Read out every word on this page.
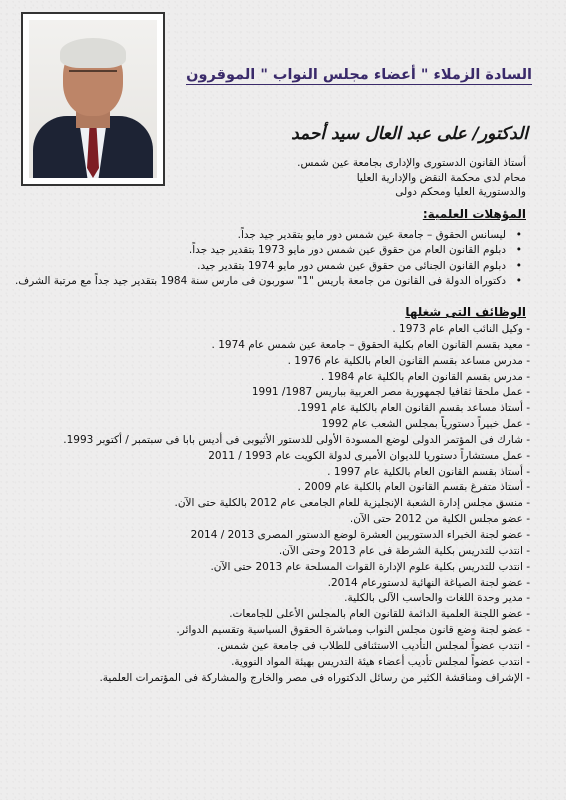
السادة الزملاء " أعضاء مجلس النواب " الموقرون
الدكتور/ على عبد العال سيد أحمد
أستاذ القانون الدستورى والإدارى بجامعة عين شمس.
محام لدى محكمة النقض والإدارية العليا
والدستورية العليا ومحكم دولى
المؤهلات العلمية:
• ليسانس الحقوق – جامعة عين شمس دور مايو بتقدير جيد جداً.
• دبلوم القانون العام من حقوق عين شمس دور مايو 1973 بتقدير جيد جداً.
• دبلوم القانون الجنائى من حقوق عين شمس دور مايو 1974 بتقدير جيد.
• دكتوراه الدولة فى القانون من جامعة باريس "1" سوربون فى مارس سنة 1984 بتقدير جيد جداً مع مرتبة الشرف.
الوظائف التى شغلها
- وكيل النائب العام عام 1973 .
- معيد بقسم القانون العام بكلية الحقوق – جامعة عين شمس عام 1974 .
- مدرس مساعد بقسم القانون العام بالكلية عام 1976 .
- مدرس بقسم القانون العام بالكلية عام 1984 .
- عمل ملحقا ثقافيا لجمهورية مصر العربية بباريس 1987/ 1991
- أستاذ مساعد بقسم القانون العام بالكلية عام 1991.
- عمل خبيراً دستورياً بمجلس الشعب عام 1992
- شارك فى المؤتمر الدولى لوضع المسودة الأولى للدستور الأثيوبى فى أديس بابا فى سبتمبر / أكتوبر 1993.
- عمل مستشاراً دستوريا للديوان الأميرى لدولة الكويت عام 1993 / 2011
- أستاذ بقسم القانون العام بالكلية عام 1997 .
- أستاذ متفرغ بقسم القانون العام بالكلية عام 2009 .
- منسق مجلس إدارة الشعبة الإنجليزية للعام الجامعى عام 2012 بالكلية حتى الآن.
- عضو مجلس الكلية من 2012 حتى الآن.
- عضو لجنة الخبراء الدستوريين العشرة لوضع الدستور المصرى 2013 / 2014
- انتدب للتدريس بكلية الشرطة فى عام 2013 وحتى الآن.
- انتدب للتدريس بكلية علوم الإدارة القوات المسلحة عام 2013 حتى الآن.
- عضو لجنة الصياغة النهائية لدستورعام 2014.
- مدير وحدة اللغات والحاسب الآلى بالكلية.
- عضو اللجنة العلمية الدائمة للقانون العام بالمجلس الأعلى للجامعات.
- عضو لجنة وضع قانون مجلس النواب ومباشرة الحقوق السياسية وتقسيم الدوائر.
- انتدب عضواً لمجلس التأديب الاستئنافى للطلاب فى جامعة عين شمس.
- انتدب عضواً لمجلس تأديب أعضاء هيئة التدريس بهيئة المواد النووية.
- الإشراف ومناقشة الكثير من رسائل الدكتوراه فى مصر والخارج والمشاركة فى المؤتمرات العلمية.
